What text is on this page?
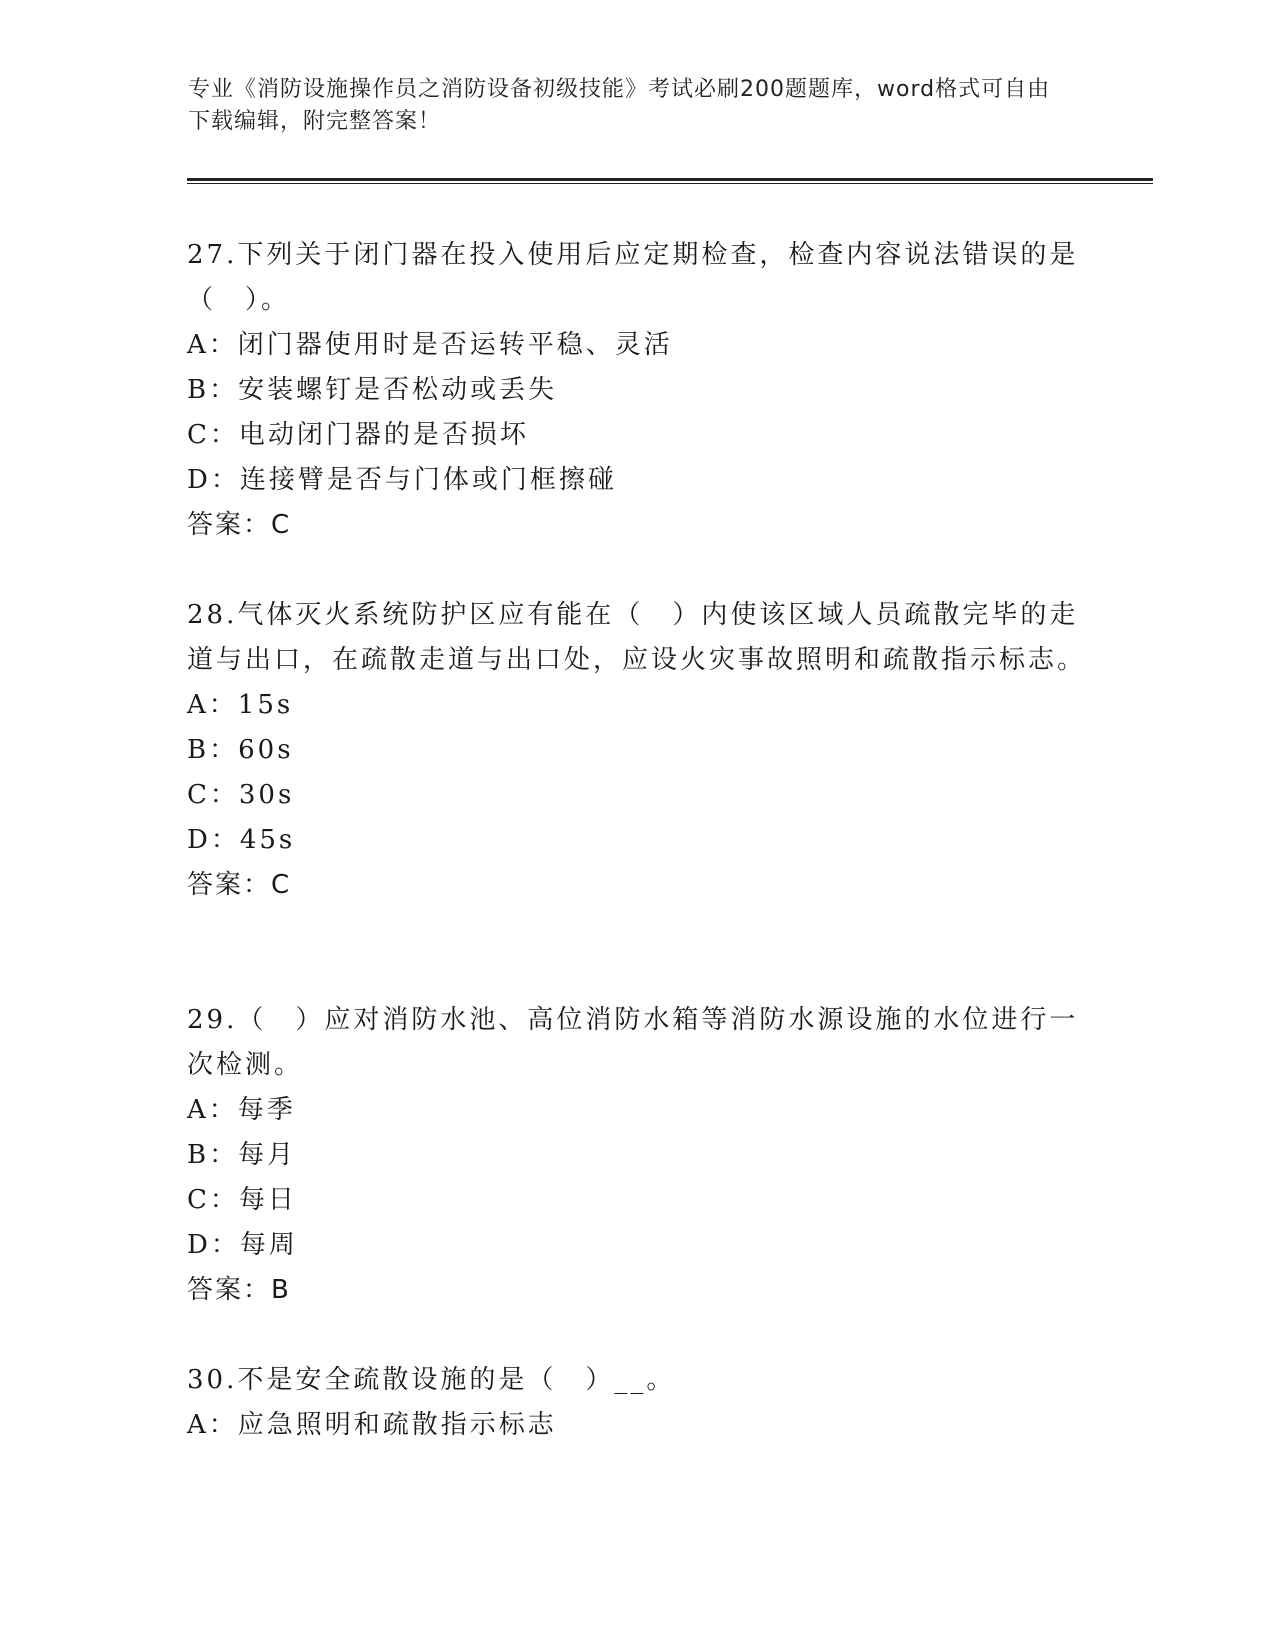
专业《消防设施操作员之消防设备初级技能》考试必刷200题题库，word格式可自由下载编辑，附完整答案！

27.下列关于闭门器在投入使用后应定期检查，检查内容说法错误的是（　）。

A：闭门器使用时是否运转平稳、灵活

B：安装螺钉是否松动或丢失

C：电动闭门器的是否损坏

D：连接臂是否与门体或门框擦碰

答案：C

28.气体灭火系统防护区应有能在（　）内使该区域人员疏散完毕的走道与出口，在疏散走道与出口处，应设火灾事故照明和疏散指示标志。

A：15s

B：60s

C：30s

D：45s

答案：C

29.（　）应对消防水池、高位消防水箱等消防水源设施的水位进行一次检测。

A：每季

B：每月

C：每日

D：每周

答案：B

30.不是安全疏散设施的是（　）__。

A：应急照明和疏散指示标志
